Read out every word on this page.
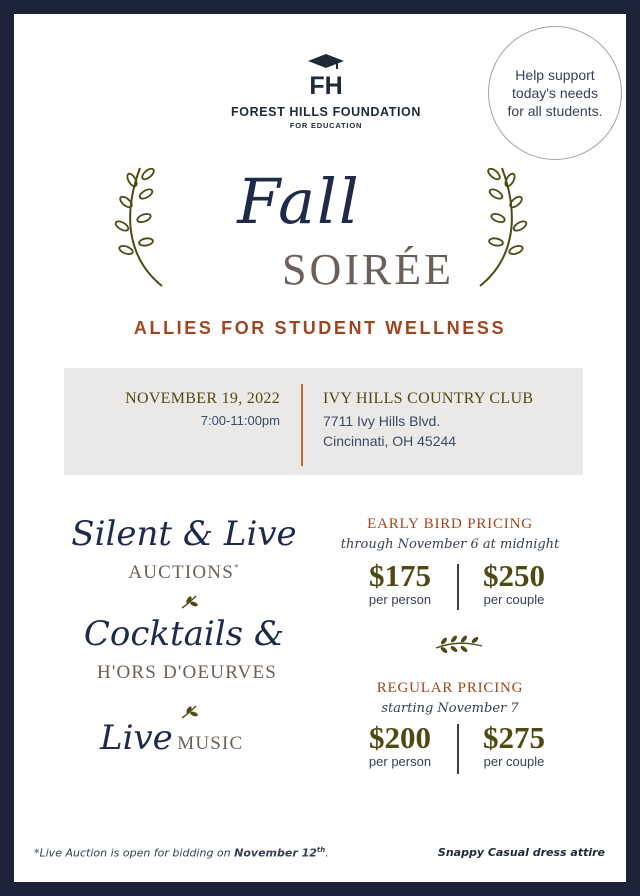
FH
FOREST HILLS FOUNDATION
FOR EDUCATION
Help support today's needs for all students.
Fall
SOIRÉE
ALLIES FOR STUDENT WELLNESS
NOVEMBER 19, 2022
7:00-11:00pm
IVY HILLS COUNTRY CLUB
7711 Ivy Hills Blvd.
Cincinnati, OH 45244
Silent & Live
AUCTIONS*
Cocktails &
H'ORS D'OEURVES
Live MUSIC
EARLY BIRD PRICING
through November 6 at midnight
$175
per person
$250
per couple
REGULAR PRICING
starting November 7
$200
per person
$275
per couple
*Live Auction is open for bidding on November 12th.	Snappy Casual dress attire
